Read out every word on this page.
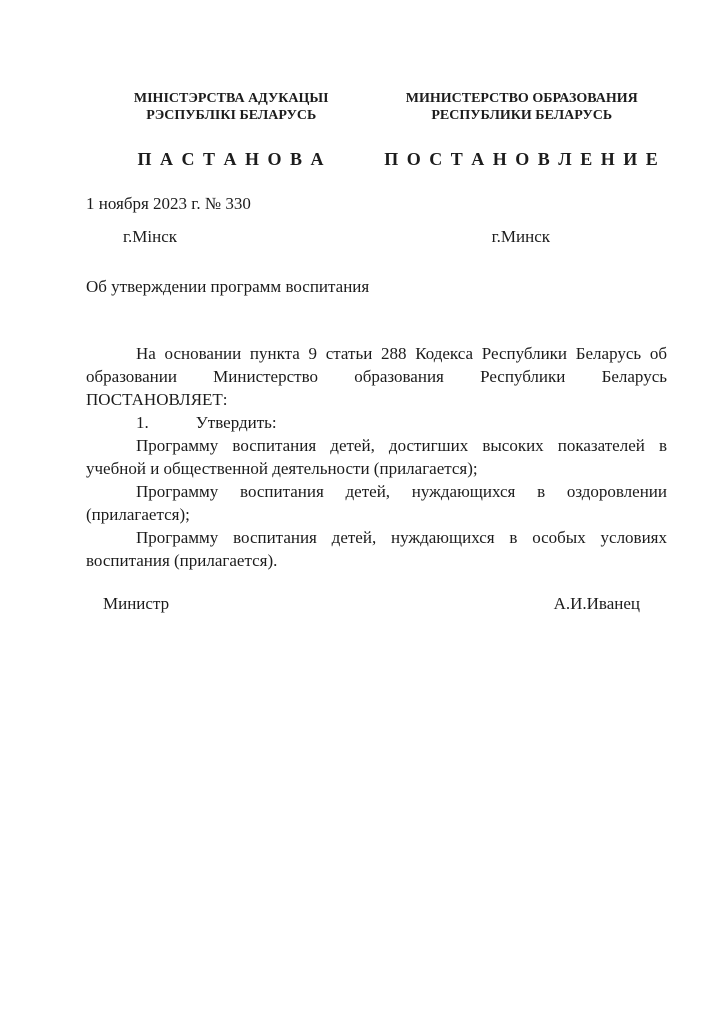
МІНІСТЭРСТВА АДУКАЦЫІ
РЭСПУБЛІКІ БЕЛАРУСЬ
П А С Т А Н О В А
МИНИСТЕРСТВО ОБРАЗОВАНИЯ
РЕСПУБЛИКИ БЕЛАРУСЬ
П О С Т А Н О В Л Е Н И Е
1 ноября 2023 г. № 330
г.Мінск	г.Минск
Об утверждении программ воспитания
На основании пункта 9 статьи 288 Кодекса Республики Беларусь об
образовании Министерство образования Республики Беларусь
ПОСТАНОВЛЯЕТ:
1.	Утвердить:
Программу воспитания детей, достигших высоких показателей в
учебной и общественной деятельности (прилагается);
Программу воспитания детей, нуждающихся в оздоровлении
(прилагается);
Программу воспитания детей, нуждающихся в особых условиях
воспитания (прилагается).
Министр	А.И.Иванец
